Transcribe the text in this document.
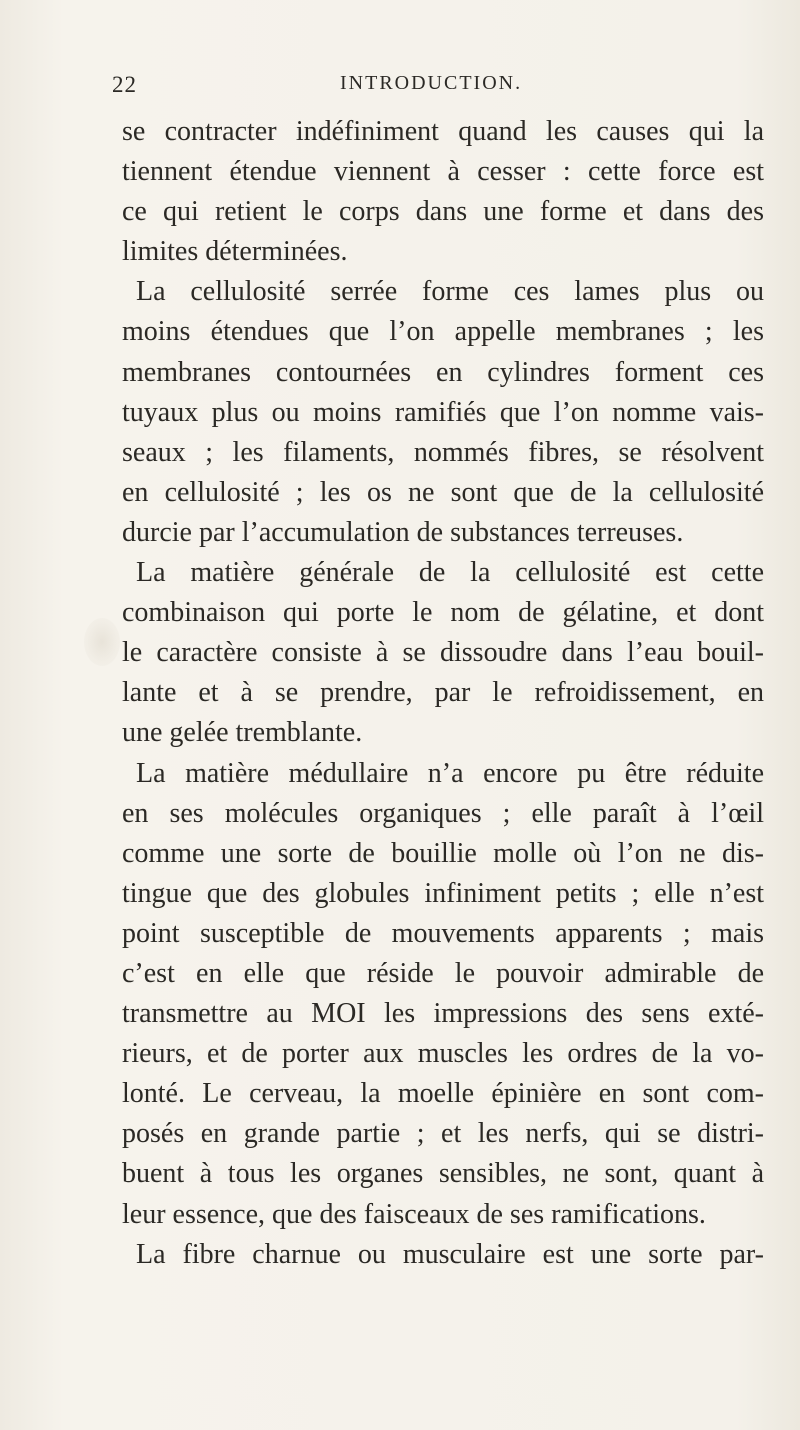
22	INTRODUCTION.
se contracter indéfiniment quand les causes qui la
tiennent étendue viennent à cesser : cette force est
ce qui retient le corps dans une forme et dans des
limites déterminées.
La cellulosité serrée forme ces lames plus ou
moins étendues que l’on appelle membranes ; les
membranes contournées en cylindres forment ces
tuyaux plus ou moins ramifiés que l’on nomme vais-
seaux ; les filaments, nommés fibres, se résolvent
en cellulosité ; les os ne sont que de la cellulosité
durcie par l’accumulation de substances terreuses.
La matière générale de la cellulosité est cette
combinaison qui porte le nom de gélatine, et dont
le caractère consiste à se dissoudre dans l’eau bouil-
lante et à se prendre, par le refroidissement, en
une gelée tremblante.
La matière médullaire n’a encore pu être réduite
en ses molécules organiques ; elle paraît à l’œil
comme une sorte de bouillie molle où l’on ne dis-
tingue que des globules infiniment petits ; elle n’est
point susceptible de mouvements apparents ; mais
c’est en elle que réside le pouvoir admirable de
transmettre au MOI les impressions des sens exté-
rieurs, et de porter aux muscles les ordres de la vo-
lonté. Le cerveau, la moelle épinière en sont com-
posés en grande partie ; et les nerfs, qui se distri-
buent à tous les organes sensibles, ne sont, quant à
leur essence, que des faisceaux de ses ramifications.
La fibre charnue ou musculaire est une sorte par-
